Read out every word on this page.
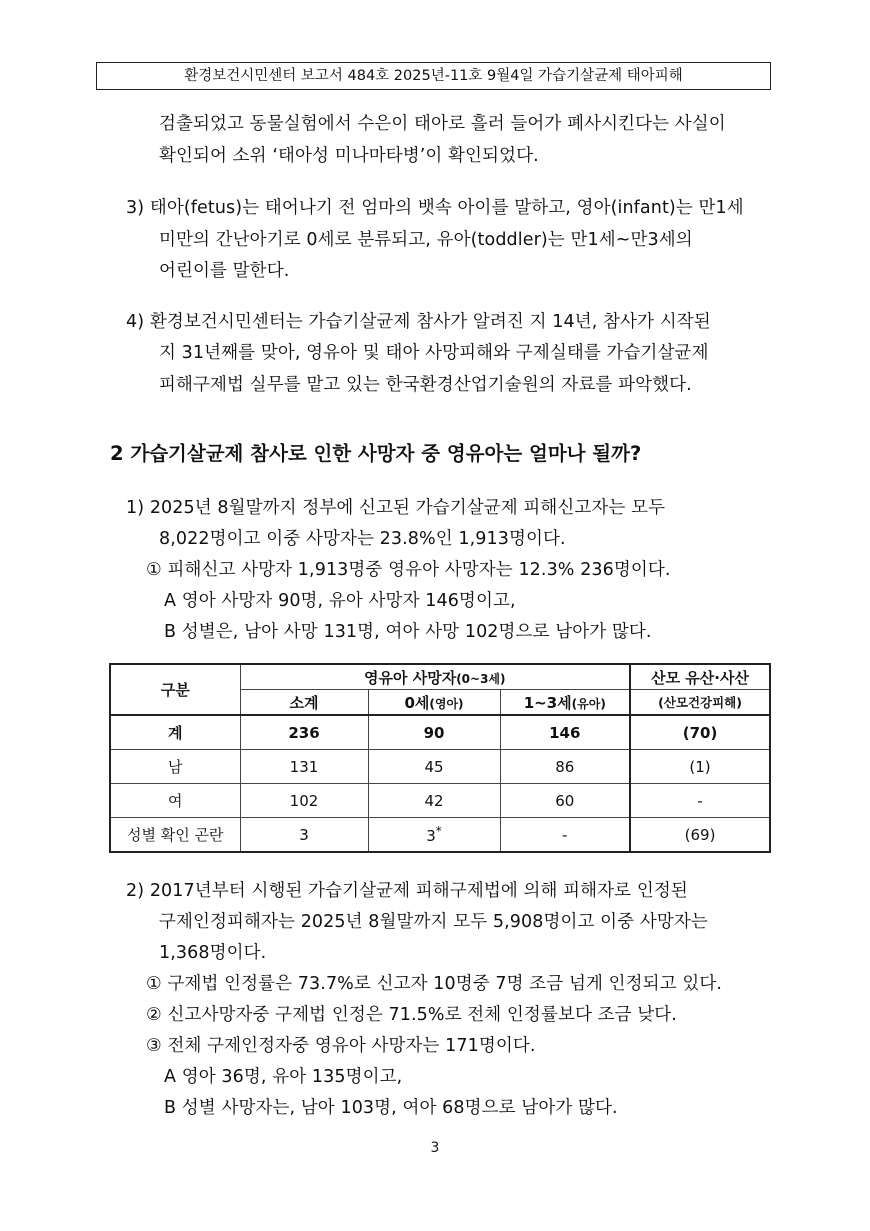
환경보건시민센터 보고서 484호 2025년-11호 9월4일 가습기살균제 태아피해
검출되었고 동물실험에서 수은이 태아로 흘러 들어가 폐사시킨다는 사실이
확인되어 소위 ‘태아성 미나마타병’이 확인되었다.
3) 태아(fetus)는 태어나기 전 엄마의 뱃속 아이를 말하고, 영아(infant)는 만1세
미만의 간난아기로 0세로 분류되고, 유아(toddler)는 만1세~만3세의
어린이를 말한다.
4) 환경보건시민센터는 가습기살균제 참사가 알려진 지 14년, 참사가 시작된
지 31년째를 맞아, 영유아 및 태아 사망피해와 구제실태를 가습기살균제
피해구제법 실무를 맡고 있는 한국환경산업기술원의 자료를 파악했다.
2 가습기살균제 참사로 인한 사망자 중 영유아는 얼마나 될까?
1) 2025년 8월말까지 정부에 신고된 가습기살균제 피해신고자는 모두
8,022명이고 이중 사망자는 23.8%인 1,913명이다.
① 피해신고 사망자 1,913명중 영유아 사망자는 12.3% 236명이다.
A 영아 사망자 90명, 유아 사망자 146명이고,
B 성별은, 남아 사망 131명, 여아 사망 102명으로 남아가 많다.
구분	영유아 사망자(0~3세)			산모 유산·사산
	소계	0세(영아)	1~3세(유아)	(산모건강피해)
계	236	90	146	(70)
남	131	45	86	(1)
여	102	42	60	-
성별 확인 곤란	3	3*	-	(69)
2) 2017년부터 시행된 가습기살균제 피해구제법에 의해 피해자로 인정된
구제인정피해자는 2025년 8월말까지 모두 5,908명이고 이중 사망자는
1,368명이다.
① 구제법 인정률은 73.7%로 신고자 10명중 7명 조금 넘게 인정되고 있다.
② 신고사망자중 구제법 인정은 71.5%로 전체 인정률보다 조금 낮다.
③ 전체 구제인정자중 영유아 사망자는 171명이다.
A 영아 36명, 유아 135명이고,
B 성별 사망자는, 남아 103명, 여아 68명으로 남아가 많다.
3
